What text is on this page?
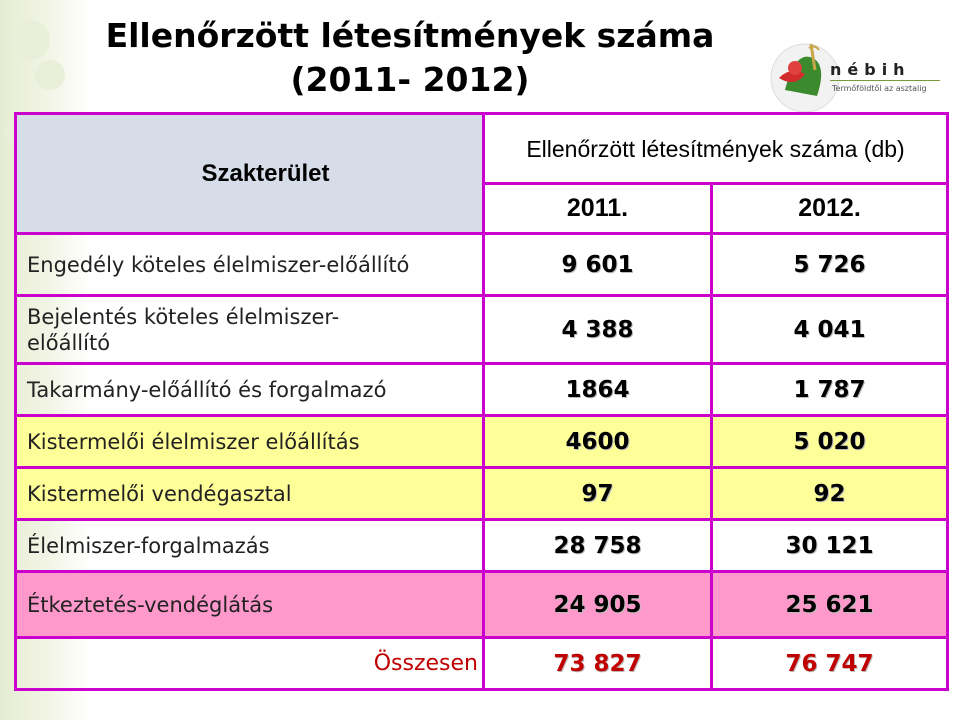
Ellenőrzött létesítmények száma
(2011- 2012)	nébih
Termőföldtől az asztalig
Szakterület	Ellenőrzött létesítmények száma (db)	
	2011.	2012.
Engedély köteles élelmiszer-előállító	9 601	5 726
Bejelentés köteles élelmiszer-előállító	4 388	4 041
Takarmány-előállító és forgalmazó	1864	1 787
Kistermelői élelmiszer előállítás	4600	5 020
Kistermelői vendégasztal	97	92
Élelmiszer-forgalmazás	28 758	30 121
Étkeztetés-vendéglátás	24 905	25 621
Összesen	73 827	76 747
